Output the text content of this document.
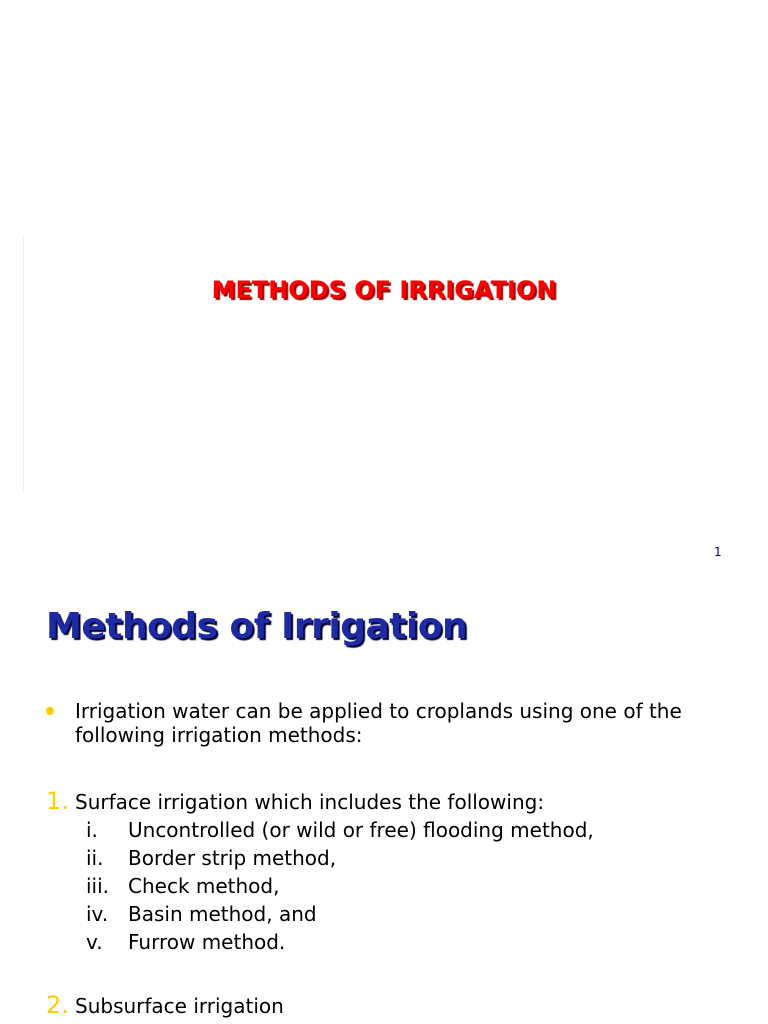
METHODS OF IRRIGATION
1
Methods of Irrigation
Irrigation water can be applied to croplands using one of the following irrigation methods:
1. Surface irrigation which includes the following:
i. Uncontrolled (or wild or free) flooding method,
ii. Border strip method,
iii. Check method,
iv. Basin method, and
v. Furrow method.
2. Subsurface irrigation
